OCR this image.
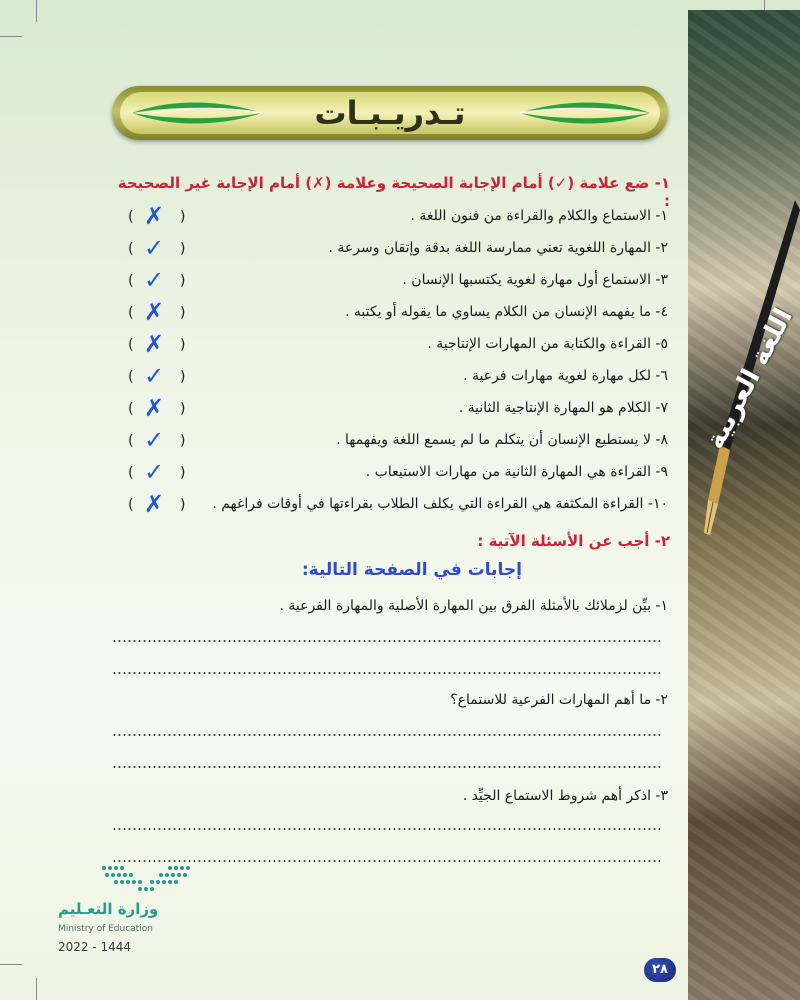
العربية
تـدريـبـات
١- ضع علامة (✓) أمام الإجابة الصحيحة وعلامة (✗) أمام الإجابة غير الصحيحة :
١- الاستماع والكلام والقراءة من فنون اللغة .
٢- المهارة اللغوية تعني ممارسة اللغة بدقة وإتقان وسرعة .
٣- الاستماع أول مهارة لغوية يكتسبها الإنسان .
٤- ما يفهمه الإنسان من الكلام يساوي ما يقوله أو يكتبه .
٥- القراءة والكتابة من المهارات الإنتاجية .
٦- لكل مهارة لغوية مهارات فرعية .
٧- الكلام هو المهارة الإنتاجية الثانية .
٨- لا يستطيع الإنسان أن يتكلم ما لم يسمع اللغة ويفهمها .
٩- القراءة هي المهارة الثانية من مهارات الاستيعاب .
١٠- القراءة المكثفة هي القراءة التي يكلف الطلاب بقراءتها في أوقات فراغهم .
( ✗ )
( ✓ )
( ✓ )
( ✗ )
( ✗ )
( ✓ )
( ✗ )
( ✓ )
( ✓ )
( ✗ )
٢- أجب عن الأسئلة الآتية :
إجابات في الصفحة التالية:
١- بيِّن لزملائك بالأمثلة الفرق بين المهارة الأصلية والمهارة الفرعية .
٢- ما أهم المهارات الفرعية للاستماع؟
٣- اذكر أهم شروط الاستماع الجيِّد .
وزارة التعـليم
Ministry of Education
2022 - 1444
٢٨
